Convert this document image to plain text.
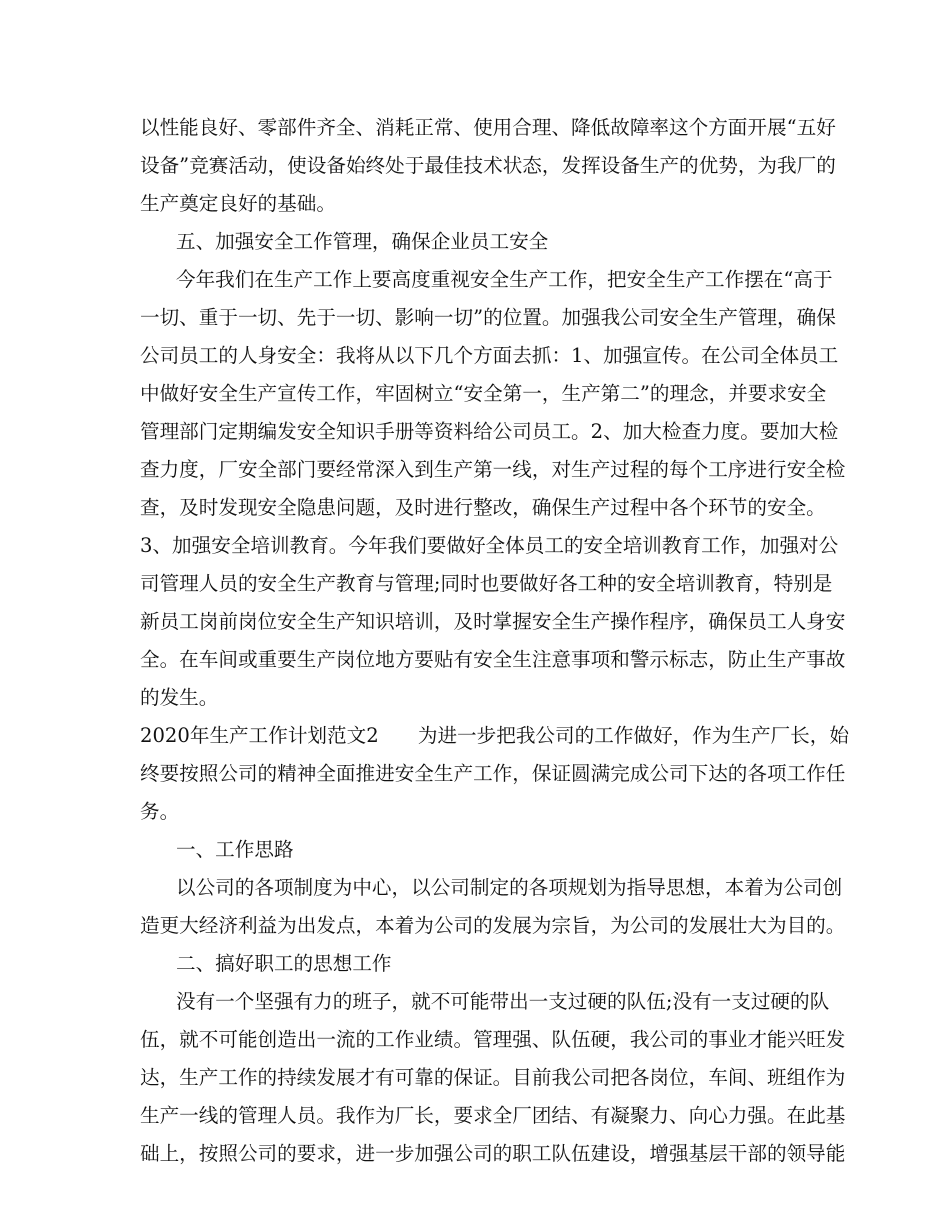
以性能良好、零部件齐全、消耗正常、使用合理、降低故障率这个方面开展“五好
设备”竞赛活动，使设备始终处于最佳技术状态，发挥设备生产的优势，为我厂的
生产奠定良好的基础。
五、加强安全工作管理，确保企业员工安全
今年我们在生产工作上要高度重视安全生产工作，把安全生产工作摆在“高于
一切、重于一切、先于一切、影响一切”的位置。加强我公司安全生产管理，确保
公司员工的人身安全：我将从以下几个方面去抓：1、加强宣传。在公司全体员工
中做好安全生产宣传工作，牢固树立“安全第一，生产第二”的理念，并要求安全
管理部门定期编发安全知识手册等资料给公司员工。2、加大检查力度。要加大检
查力度，厂安全部门要经常深入到生产第一线，对生产过程的每个工序进行安全检
查，及时发现安全隐患问题，及时进行整改，确保生产过程中各个环节的安全。
3、加强安全培训教育。今年我们要做好全体员工的安全培训教育工作，加强对公
司管理人员的安全生产教育与管理;同时也要做好各工种的安全培训教育，特别是
新员工岗前岗位安全生产知识培训，及时掌握安全生产操作程序，确保员工人身安
全。在车间或重要生产岗位地方要贴有安全生注意事项和警示标志，防止生产事故
的发生。
2020年生产工作计划范文2　　为进一步把我公司的工作做好，作为生产厂长，始
终要按照公司的精神全面推进安全生产工作，保证圆满完成公司下达的各项工作任
务。
一、工作思路
以公司的各项制度为中心，以公司制定的各项规划为指导思想，本着为公司创
造更大经济利益为出发点，本着为公司的发展为宗旨，为公司的发展壮大为目的。
二、搞好职工的思想工作
没有一个坚强有力的班子，就不可能带出一支过硬的队伍;没有一支过硬的队
伍，就不可能创造出一流的工作业绩。管理强、队伍硬，我公司的事业才能兴旺发
达，生产工作的持续发展才有可靠的保证。目前我公司把各岗位，车间、班组作为
生产一线的管理人员。我作为厂长，要求全厂团结、有凝聚力、向心力强。在此基
础上，按照公司的要求，进一步加强公司的职工队伍建设，增强基层干部的领导能
